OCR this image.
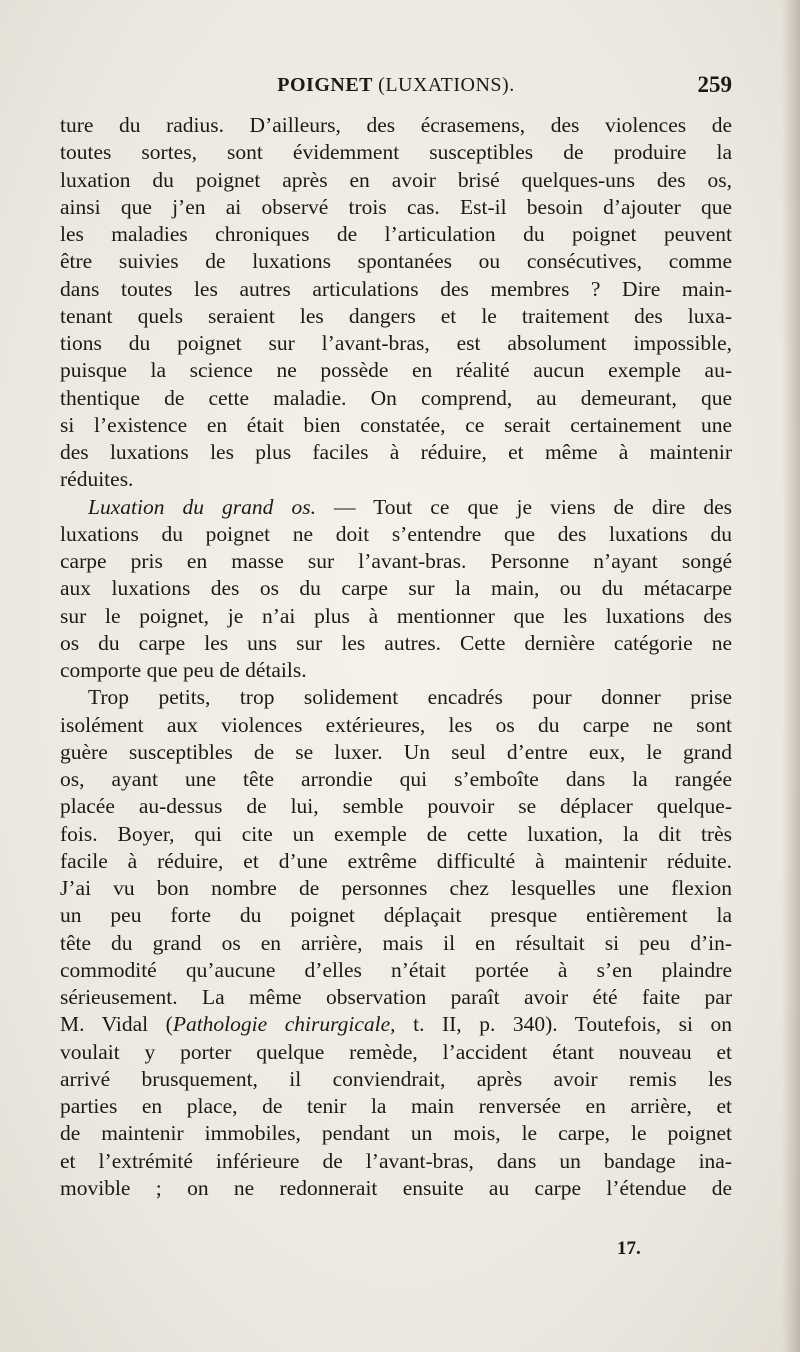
POIGNET (LUXATIONS).	259
ture du radius. D’ailleurs, des écrasemens, des violences de
toutes sortes, sont évidemment susceptibles de produire la
luxation du poignet après en avoir brisé quelques-uns des os,
ainsi que j’en ai observé trois cas. Est-il besoin d’ajouter que
les maladies chroniques de l’articulation du poignet peuvent
être suivies de luxations spontanées ou consécutives, comme
dans toutes les autres articulations des membres ? Dire main-
tenant quels seraient les dangers et le traitement des luxa-
tions du poignet sur l’avant-bras, est absolument impossible,
puisque la science ne possède en réalité aucun exemple au-
thentique de cette maladie. On comprend, au demeurant, que
si l’existence en était bien constatée, ce serait certainement une
des luxations les plus faciles à réduire, et même à maintenir
réduites.
Luxation du grand os. — Tout ce que je viens de dire des
luxations du poignet ne doit s’entendre que des luxations du
carpe pris en masse sur l’avant-bras. Personne n’ayant songé
aux luxations des os du carpe sur la main, ou du métacarpe
sur le poignet, je n’ai plus à mentionner que les luxations des
os du carpe les uns sur les autres. Cette dernière catégorie ne
comporte que peu de détails.
Trop petits, trop solidement encadrés pour donner prise
isolément aux violences extérieures, les os du carpe ne sont
guère susceptibles de se luxer. Un seul d’entre eux, le grand
os, ayant une tête arrondie qui s’emboîte dans la rangée
placée au-dessus de lui, semble pouvoir se déplacer quelque-
fois. Boyer, qui cite un exemple de cette luxation, la dit très
facile à réduire, et d’une extrême difficulté à maintenir réduite.
J’ai vu bon nombre de personnes chez lesquelles une flexion
un peu forte du poignet déplaçait presque entièrement la
tête du grand os en arrière, mais il en résultait si peu d’in-
commodité qu’aucune d’elles n’était portée à s’en plaindre
sérieusement. La même observation paraît avoir été faite par
M. Vidal (Pathologie chirurgicale, t. II, p. 340). Toutefois, si on
voulait y porter quelque remède, l’accident étant nouveau et
arrivé brusquement, il conviendrait, après avoir remis les
parties en place, de tenir la main renversée en arrière, et
de maintenir immobiles, pendant un mois, le carpe, le poignet
et l’extrémité inférieure de l’avant-bras, dans un bandage ina-
movible ; on ne redonnerait ensuite au carpe l’étendue de
17.
